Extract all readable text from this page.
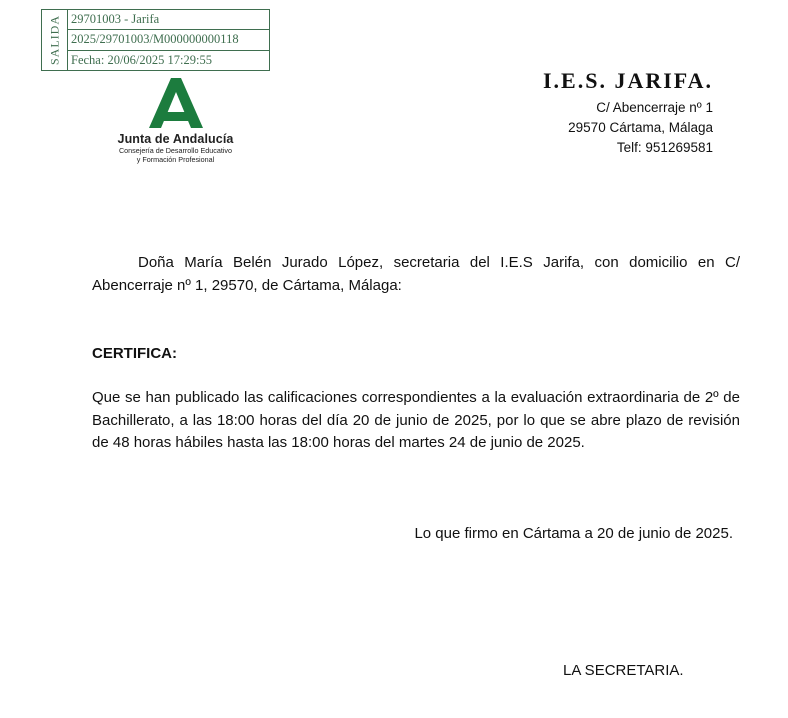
SALIDA 29701003 - Jarifa
2025/29701003/M000000000118
Fecha: 20/06/2025 17:29:55
Junta de Andalucía
Consejería de Desarrollo Educativo
y Formación Profesional
I.E.S. JARIFA.
C/ Abencerraje nº 1
29570 Cártama, Málaga
Telf: 951269581
Doña María Belén Jurado López, secretaria del I.E.S Jarifa, con domicilio en C/ Abencerraje nº 1, 29570, de Cártama, Málaga:
CERTIFICA:
Que se han publicado las calificaciones correspondientes a la evaluación extraordinaria de 2º de Bachillerato, a las 18:00 horas del día 20 de junio de 2025, por lo que se abre plazo de revisión de 48 horas hábiles hasta las 18:00 horas del martes 24 de junio de 2025.
Lo que firmo en Cártama a 20 de junio de 2025.
LA SECRETARIA.
